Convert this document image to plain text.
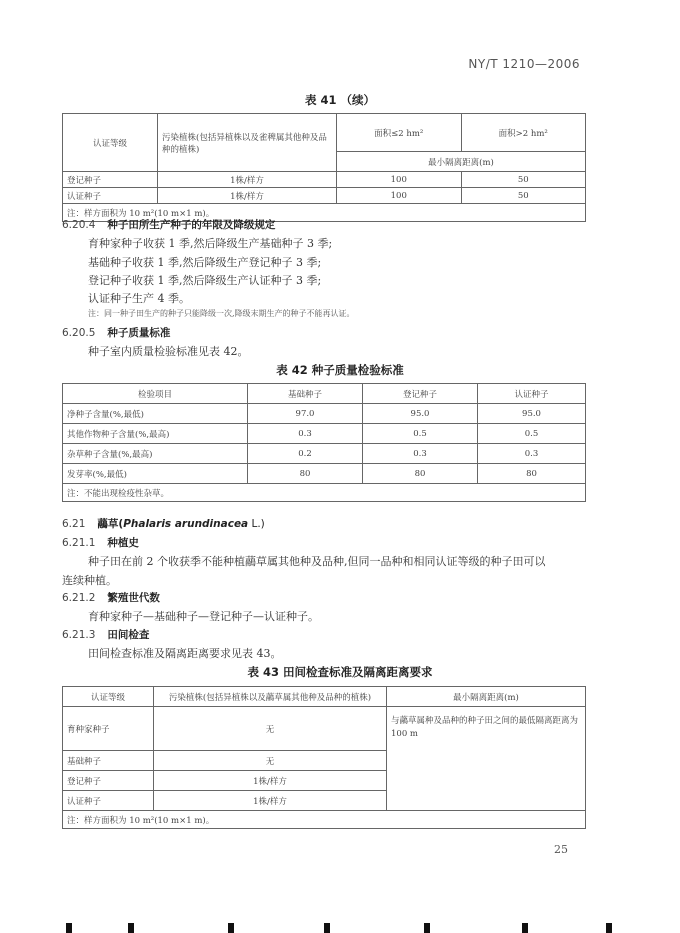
NY/T 1210—2006
表 41 （续）
认证等级	污染植株(包括异植株以及雀稗属其他种及品种的植株)	面积≤2 hm²	面积>2 hm²
		最小隔离距离(m)	
登记种子	1株/样方	100	50
认证种子	1株/样方	100	50
注：样方面积为 10 m²(10 m×1 m)。			
6.20.4 种子田所生产种子的年限及降级规定
育种家种子收获 1 季,然后降级生产基础种子 3 季;
基础种子收获 1 季,然后降级生产登记种子 3 季;
登记种子收获 1 季,然后降级生产认证种子 3 季;
认证种子生产 4 季。
注：同一种子田生产的种子只能降级一次,降级末期生产的种子不能再认证。
6.20.5 种子质量标准
种子室内质量检验标准见表 42。
表 42 种子质量检验标准
检验项目	基础种子	登记种子	认证种子
净种子含量(%,最低)	97.0	95.0	95.0
其他作物种子含量(%,最高)	0.3	0.5	0.5
杂草种子含量(%,最高)	0.2	0.3	0.3
发芽率(%,最低)	80	80	80
注：不能出现检疫性杂草。			
6.21 虉草(Phalaris arundinacea L.)
6.21.1 种植史
种子田在前 2 个收获季不能种植虉草属其他种及品种,但同一品种和相同认证等级的种子田可以
连续种植。
6.21.2 繁殖世代数
育种家种子—基础种子—登记种子—认证种子。
6.21.3 田间检查
田间检查标准及隔离距离要求见表 43。
表 43 田间检查标准及隔离距离要求
认证等级	污染植株(包括异植株以及虉草属其他种及品种的植株)	最小隔离距离(m)
育种家种子	无	与虉草属种及品种的种子田之间的最低隔离距离为 100 m
基础种子	无	
登记种子	1株/样方	
认证种子	1株/样方	
注：样方面积为 10 m²(10 m×1 m)。		
25
